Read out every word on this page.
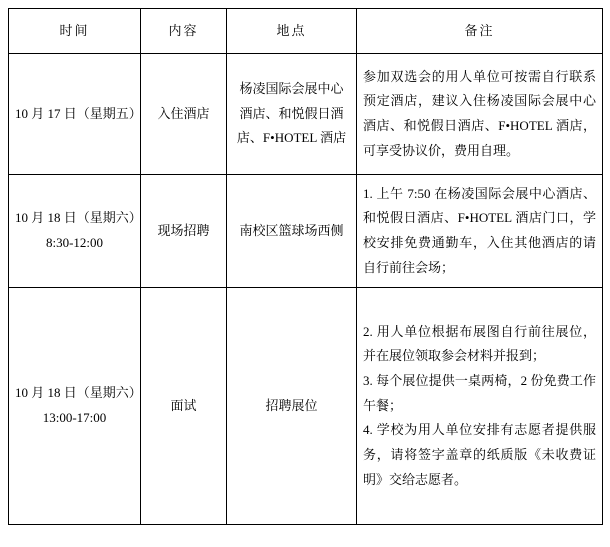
时间	内容	地点	备注

10 月 17 日（星期五）	入住酒店	杨凌国际会展中心
酒店、和悦假日酒
店、F•HOTEL 酒店	参加双选会的用人单位可按需自行联系预定酒店，建议入住杨凌国际会展中心酒店、和悦假日酒店、F•HOTEL 酒店，可享受协议价，费用自理。

10 月 18 日（星期六）
8:30-12:00	现场招聘	南校区篮球场西侧	1. 上午 7:50 在杨凌国际会展中心酒店、和悦假日酒店、F•HOTEL 酒店门口，学校安排免费通勤车，入住其他酒店的请自行前往会场；

10 月 18 日（星期六）
13:00-17:00	面试	招聘展位	2. 用人单位根据布展图自行前往展位，并在展位领取参会材料并报到；
3. 每个展位提供一桌两椅，2 份免费工作午餐；
4. 学校为用人单位安排有志愿者提供服务，请将签字盖章的纸质版《未收费证明》交给志愿者。
